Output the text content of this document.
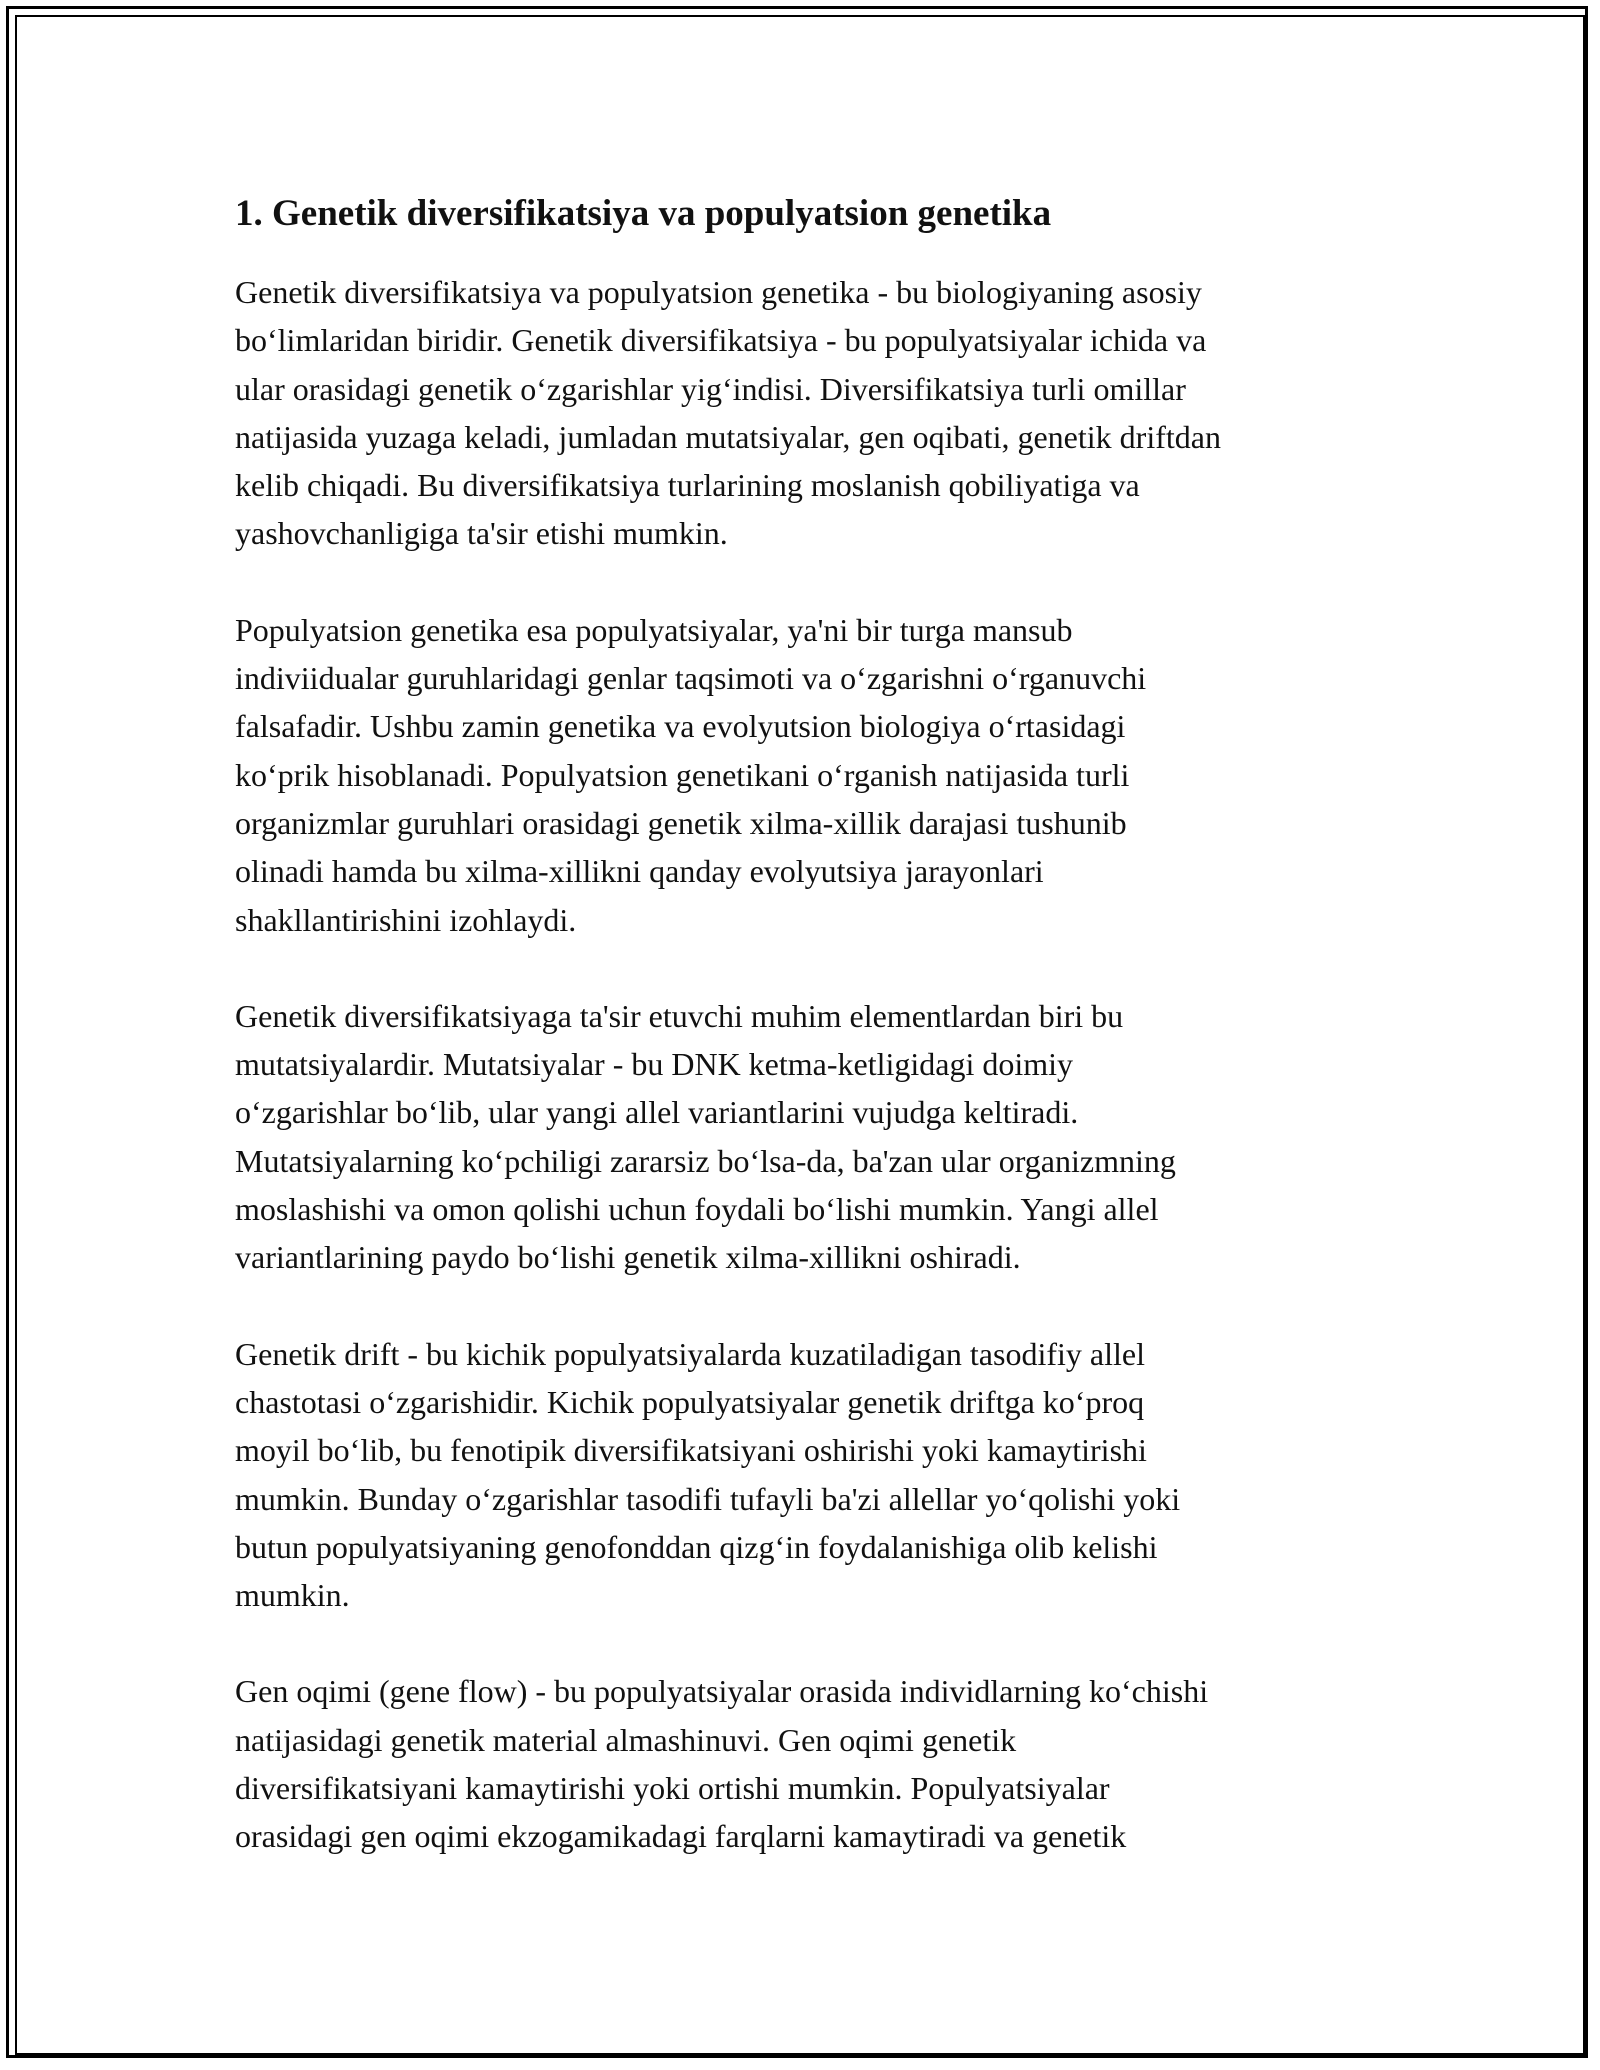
1. Genetik diversifikatsiya va populyatsion genetika

Genetik diversifikatsiya va populyatsion genetika - bu biologiyaning asosiy
bo‘limlaridan biridir. Genetik diversifikatsiya - bu populyatsiyalar ichida va
ular orasidagi genetik o‘zgarishlar yig‘indisi. Diversifikatsiya turli omillar
natijasida yuzaga keladi, jumladan mutatsiyalar, gen oqibati, genetik driftdan
kelib chiqadi. Bu diversifikatsiya turlarining moslanish qobiliyatiga va
yashovchanligiga ta'sir etishi mumkin.

Populyatsion genetika esa populyatsiyalar, ya'ni bir turga mansub
indiviidualar guruhlaridagi genlar taqsimoti va o‘zgarishni o‘rganuvchi
falsafadir. Ushbu zamin genetika va evolyutsion biologiya o‘rtasidagi
ko‘prik hisoblanadi. Populyatsion genetikani o‘rganish natijasida turli
organizmlar guruhlari orasidagi genetik xilma-xillik darajasi tushunib
olinadi hamda bu xilma-xillikni qanday evolyutsiya jarayonlari
shakllantirishini izohlaydi.

Genetik diversifikatsiyaga ta'sir etuvchi muhim elementlardan biri bu
mutatsiyalardir. Mutatsiyalar - bu DNK ketma-ketligidagi doimiy
o‘zgarishlar bo‘lib, ular yangi allel variantlarini vujudga keltiradi.
Mutatsiyalarning ko‘pchiligi zararsiz bo‘lsa-da, ba'zan ular organizmning
moslashishi va omon qolishi uchun foydali bo‘lishi mumkin. Yangi allel
variantlarining paydo bo‘lishi genetik xilma-xillikni oshiradi.

Genetik drift - bu kichik populyatsiyalarda kuzatiladigan tasodifiy allel
chastotasi o‘zgarishidir. Kichik populyatsiyalar genetik driftga ko‘proq
moyil bo‘lib, bu fenotipik diversifikatsiyani oshirishi yoki kamaytirishi
mumkin. Bunday o‘zgarishlar tasodifi tufayli ba'zi allellar yo‘qolishi yoki
butun populyatsiyaning genofonddan qizg‘in foydalanishiga olib kelishi
mumkin.

Gen oqimi (gene flow) - bu populyatsiyalar orasida individlarning ko‘chishi
natijasidagi genetik material almashinuvi. Gen oqimi genetik
diversifikatsiyani kamaytirishi yoki ortishi mumkin. Populyatsiyalar
orasidagi gen oqimi ekzogamikadagi farqlarni kamaytiradi va genetik
